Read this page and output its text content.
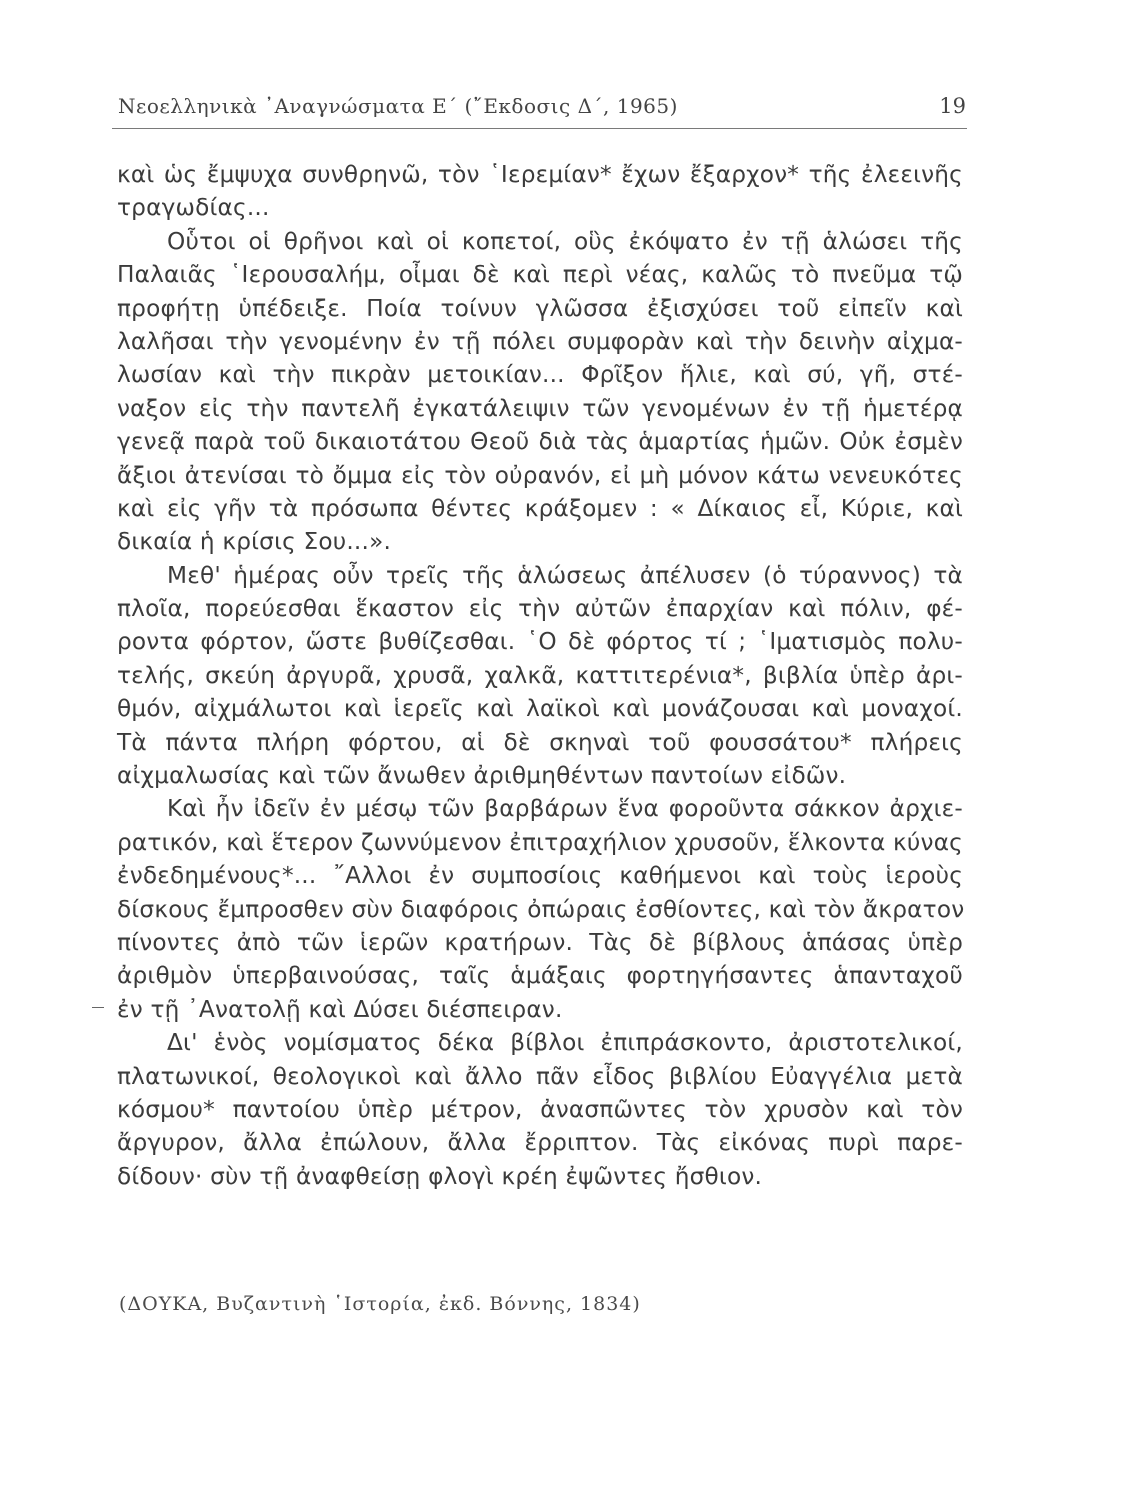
Νεοελληνικὰ ᾿Αναγνώσματα Ε΄ (῎Εκδοσις Δ΄, 1965)	19
καὶ ὡς ἔμψυχα συνθρηνῶ, τὸν ῾Ιερεμίαν* ἔχων ἔξαρχον* τῆς ἐλεεινῆς
τραγωδίας...
Οὗτοι οἱ θρῆνοι καὶ οἱ κοπετοί, οὓς ἐκόψατο ἐν τῇ ἁλώσει τῆς
Παλαιᾶς ῾Ιερουσαλήμ, οἶμαι δὲ καὶ περὶ νέας, καλῶς τὸ πνεῦμα τῷ
προφήτῃ ὑπέδειξε. Ποία τοίνυν γλῶσσα ἐξισχύσει τοῦ εἰπεῖν καὶ
λαλῆσαι τὴν γενομένην ἐν τῇ πόλει συμφορὰν καὶ τὴν δεινὴν αἰχμα-
λωσίαν καὶ τὴν πικρὰν μετοικίαν... Φρῖξον ἥλιε, καὶ σύ, γῆ, στέ-
ναξον εἰς τὴν παντελῆ ἐγκατάλειψιν τῶν γενομένων ἐν τῇ ἡμετέρᾳ
γενεᾷ παρὰ τοῦ δικαιοτάτου Θεοῦ διὰ τὰς ἁμαρτίας ἡμῶν. Οὐκ ἐσμὲν
ἄξιοι ἀτενίσαι τὸ ὄμμα εἰς τὸν οὐρανόν, εἰ μὴ μόνον κάτω νενευκότες
καὶ εἰς γῆν τὰ πρόσωπα θέντες κράξομεν : « Δίκαιος εἶ, Κύριε, καὶ
δικαία ἡ κρίσις Σου...».
Μεθ' ἡμέρας οὖν τρεῖς τῆς ἁλώσεως ἀπέλυσεν (ὁ τύραννος) τὰ
πλοῖα, πορεύεσθαι ἕκαστον εἰς τὴν αὐτῶν ἐπαρχίαν καὶ πόλιν, φέ-
ροντα φόρτον, ὥστε βυθίζεσθαι. ῾Ο δὲ φόρτος τί ; ῾Ιματισμὸς πολυ-
τελής, σκεύη ἀργυρᾶ, χρυσᾶ, χαλκᾶ, καττιτερένια*, βιβλία ὑπὲρ ἀρι-
θμόν, αἰχμάλωτοι καὶ ἱερεῖς καὶ λαϊκοὶ καὶ μονάζουσαι καὶ μοναχοί.
Τὰ πάντα πλήρη φόρτου, αἱ δὲ σκηναὶ τοῦ φουσσάτου* πλήρεις
αἰχμαλωσίας καὶ τῶν ἄνωθεν ἀριθμηθέντων παντοίων εἰδῶν.
Καὶ ἦν ἰδεῖν ἐν μέσῳ τῶν βαρβάρων ἕνα φοροῦντα σάκκον ἀρχιε-
ρατικόν, καὶ ἕτερον ζωννύμενον ἐπιτραχήλιον χρυσοῦν, ἕλκοντα κύνας
ἐνδεδημένους*... ῎Αλλοι ἐν συμποσίοις καθήμενοι καὶ τοὺς ἱεροὺς
δίσκους ἔμπροσθεν σὺν διαφόροις ὀπώραις ἐσθίοντες, καὶ τὸν ἄκρατον
πίνοντες ἀπὸ τῶν ἱερῶν κρατήρων. Τὰς δὲ βίβλους ἁπάσας ὑπὲρ
ἀριθμὸν ὑπερβαινούσας, ταῖς ἁμάξαις φορτηγήσαντες ἁπανταχοῦ
ἐν τῇ ᾿Ανατολῇ καὶ Δύσει διέσπειραν.
Δι' ἑνὸς νομίσματος δέκα βίβλοι ἐπιπράσκοντο, ἀριστοτελικοί,
πλατωνικοί, θεολογικοὶ καὶ ἄλλο πᾶν εἶδος βιβλίου Εὐαγγέλια μετὰ
κόσμου* παντοίου ὑπὲρ μέτρον, ἀνασπῶντες τὸν χρυσὸν καὶ τὸν
ἄργυρον, ἄλλα ἐπώλουν, ἄλλα ἔρριπτον. Τὰς εἰκόνας πυρὶ παρε-
δίδουν· σὺν τῇ ἀναφθείσῃ φλογὶ κρέη ἐψῶντες ἤσθιον.
(ΔΟΥΚΑ, Βυζαντινὴ ῾Ιστορία, ἐκδ. Βόννης, 1834)
